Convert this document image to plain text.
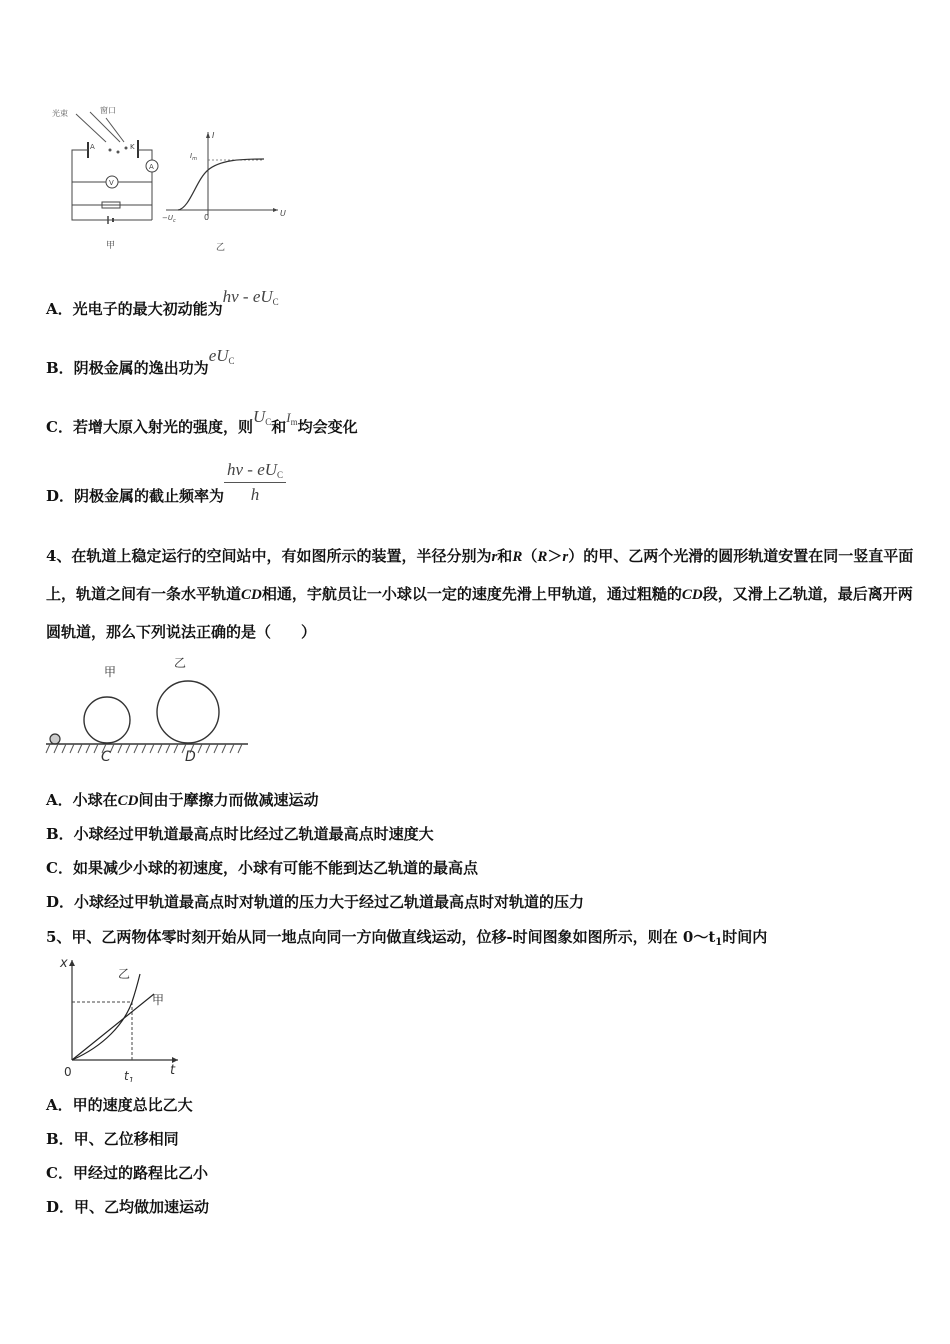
光束	窗口
A	K
A
V
甲
I
U
$I_m$
$-U_c$	0
乙
A．光电子的最大初动能为hv - $eU_C$
B．阴极金属的逸出功为$eU_C$
C．若增大原入射光的强度，则$U_C$和$I_m$均会变化
D．阴极金属的截止频率为 $\frac{hv - eU_C}{h}$
4、在轨道上稳定运行的空间站中，有如图所示的装置，半径分别为r和R（R＞r）的甲、乙两个光滑的圆形轨道安置在同一竖直平面上，轨道之间有一条水平轨道CD相通，宇航员让一小球以一定的速度先滑上甲轨道，通过粗糙的CD段，又滑上乙轨道，最后离开两圆轨道，那么下列说法正确的是（　　）
甲
乙
C	D
A．小球在CD间由于摩擦力而做减速运动
B．小球经过甲轨道最高点时比经过乙轨道最高点时速度大
C．如果减少小球的初速度，小球有可能不能到达乙轨道的最高点
D．小球经过甲轨道最高点时对轨道的压力大于经过乙轨道最高点时对轨道的压力
5、甲、乙两物体零时刻开始从同一地点向同一方向做直线运动，位移-时间图象如图所示，则在 $0\sim t_1$时间内
x
t
0	$t_1$
甲
乙
A．甲的速度总比乙大
B．甲、乙位移相同
C．甲经过的路程比乙小
D．甲、乙均做加速运动
